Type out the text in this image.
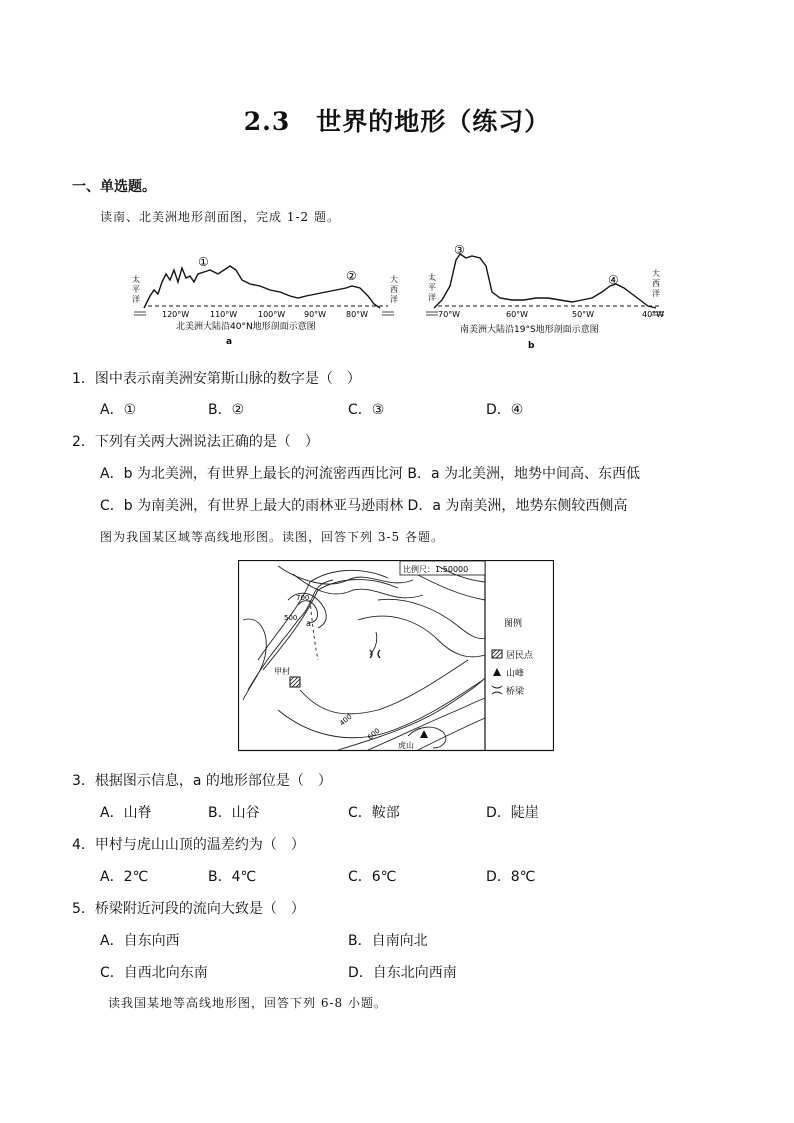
2.3　世界的地形（练习）
一、单选题。
读南、北美洲地形剖面图，完成 1-2 题。
太
平
洋
大
西
洋
①
②
120°W	110°W	100°W 90°W 80°W
北美洲大陆沿40°N地形剖面示意图
a
太
平
洋
大
西
洋
③
④
70°W	60°W	50°W	40°W
南美洲大陆沿19°S地形剖面示意图
b
1．图中表示南美洲安第斯山脉的数字是（　）
A．①	B．②	C．③	D．④
2．下列有关两大洲说法正确的是（　）
A．b 为北美洲，有世界上最长的河流密西西比河 B．a 为北美洲，地势中间高、东西低
C．b 为南美洲，有世界上最大的雨林亚马逊雨林 D．a 为南美洲，地势东侧较西侧高
图为我国某区域等高线地形图。读图，回答下列 3-5 各题。
比例尺：1:50000
700
500
400
600
a
甲村
虎山
图例
居民点
山峰
桥梁
3．根据图示信息，a 的地形部位是（　）
A．山脊	B．山谷	C．鞍部	D．陡崖
4．甲村与虎山山顶的温差约为（　）
A．2℃	B．4℃	C．6℃	D．8℃
5．桥梁附近河段的流向大致是（　）
A．自东向西	B．自南向北
C．自西北向东南	D．自东北向西南
读我国某地等高线地形图，回答下列 6-8 小题。
